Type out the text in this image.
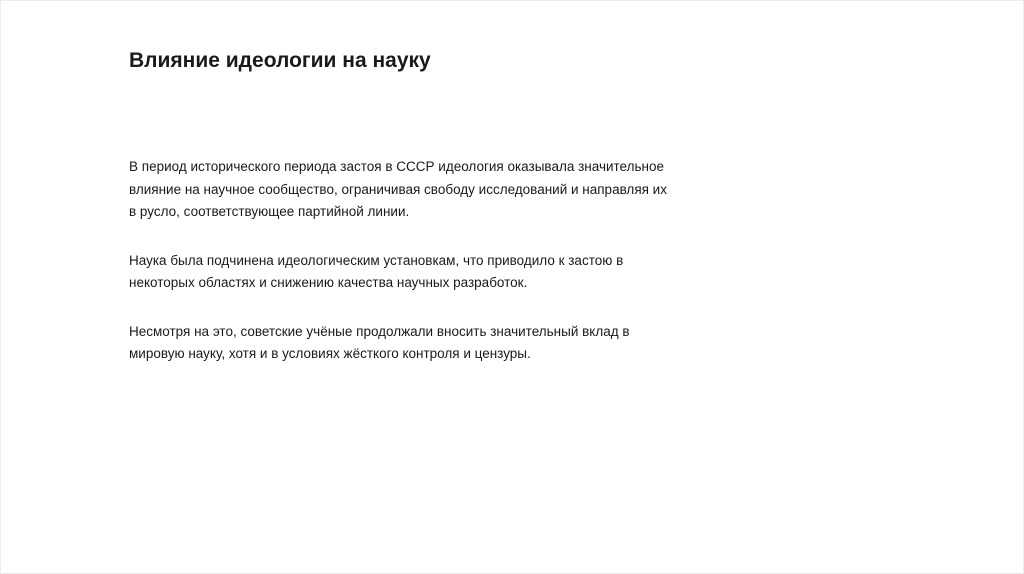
Влияние идеологии на науку

В период исторического периода застоя в СССР идеология оказывала значительное
влияние на научное сообщество, ограничивая свободу исследований и направляя их
в русло, соответствующее партийной линии.

Наука была подчинена идеологическим установкам, что приводило к застою в
некоторых областях и снижению качества научных разработок.

Несмотря на это, советские учёные продолжали вносить значительный вклад в
мировую науку, хотя и в условиях жёсткого контроля и цензуры.
